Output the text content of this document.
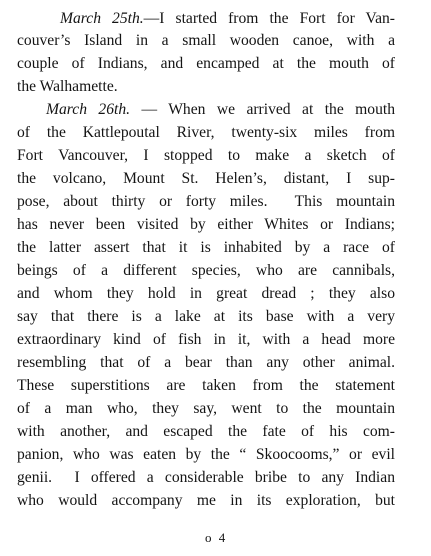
March 25th.—I started from the Fort for Van-
couver’s Island in a small wooden canoe, with a
couple of Indians, and encamped at the mouth of
the Walhamette.
March 26th. — When we arrived at the mouth
of the Kattlepoutal River, twenty-six miles from
Fort Vancouver, I stopped to make a sketch of
the volcano, Mount St. Helen’s, distant, I sup-
pose, about thirty or forty miles.  This mountain
has never been visited by either Whites or Indians;
the latter assert that it is inhabited by a race of
beings of a different species, who are cannibals,
and whom they hold in great dread ; they also
say that there is a lake at its base with a very
extraordinary kind of fish in it, with a head more
resembling that of a bear than any other animal.
These superstitions are taken from the statement
of a man who, they say, went to the mountain
with another, and escaped the fate of his com-
panion, who was eaten by the “ Skoocooms,” or evil
genii.  I offered a considerable bribe to any Indian
who would accompany me in its exploration, but
o 4
